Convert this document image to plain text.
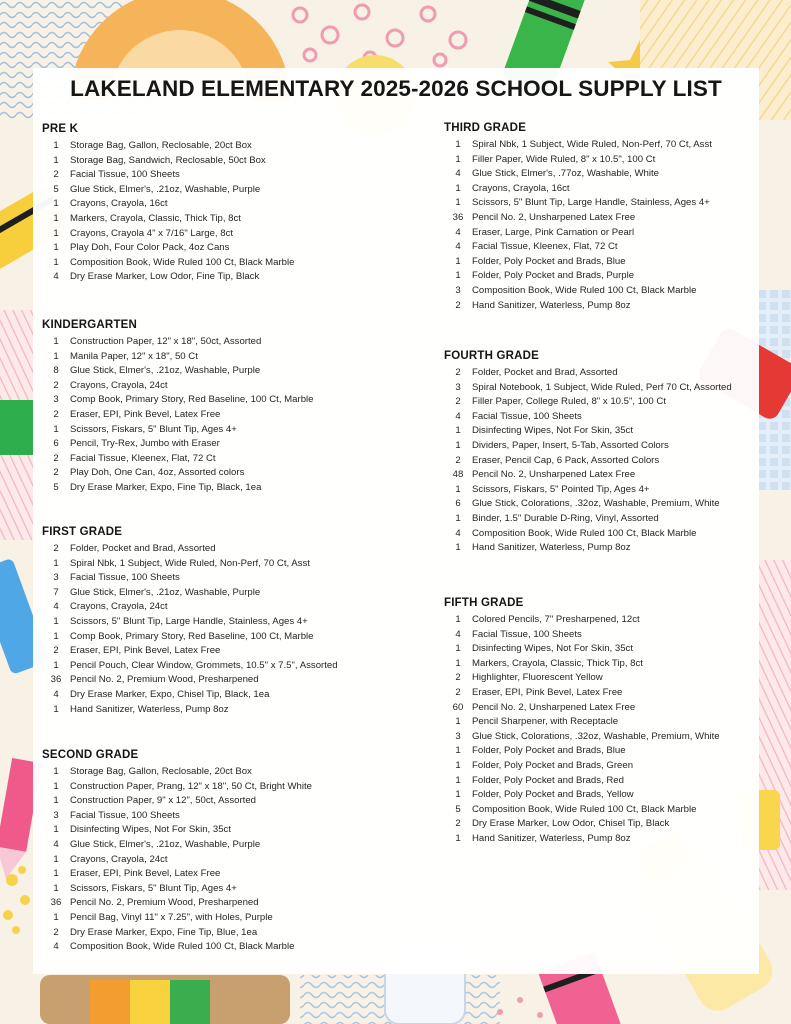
LAKELAND ELEMENTARY 2025-2026 SCHOOL SUPPLY LIST
PRE K
1	Storage Bag, Gallon, Reclosable, 20ct Box
1	Storage Bag, Sandwich, Reclosable, 50ct Box
2	Facial Tissue, 100 Sheets
5	Glue Stick, Elmer's, .21oz, Washable, Purple
1	Crayons, Crayola, 16ct
1	Markers, Crayola, Classic, Thick Tip, 8ct
1	Crayons, Crayola 4" x 7/16" Large, 8ct
1	Play Doh, Four Color Pack, 4oz Cans
1	Composition Book, Wide Ruled 100 Ct, Black Marble
4	Dry Erase Marker, Low Odor, Fine Tip, Black
KINDERGARTEN
1	Construction Paper, 12" x 18", 50ct, Assorted
1	Manila Paper, 12" x 18", 50 Ct
8	Glue Stick, Elmer's, .21oz, Washable, Purple
2	Crayons, Crayola, 24ct
3	Comp Book, Primary Story, Red Baseline, 100 Ct, Marble
2	Eraser, EPI, Pink Bevel, Latex Free
1	Scissors, Fiskars, 5" Blunt Tip, Ages 4+
6	Pencil, Try-Rex, Jumbo with Eraser
2	Facial Tissue, Kleenex, Flat, 72 Ct
2	Play Doh, One Can, 4oz, Assorted colors
5	Dry Erase Marker, Expo, Fine Tip, Black, 1ea
FIRST GRADE
2	Folder, Pocket and Brad, Assorted
1	Spiral Nbk, 1 Subject, Wide Ruled, Non-Perf, 70 Ct, Asst
3	Facial Tissue, 100 Sheets
7	Glue Stick, Elmer's, .21oz, Washable, Purple
4	Crayons, Crayola, 24ct
1	Scissors, 5" Blunt Tip, Large Handle, Stainless, Ages 4+
1	Comp Book, Primary Story, Red Baseline, 100 Ct, Marble
2	Eraser, EPI, Pink Bevel, Latex Free
1	Pencil Pouch, Clear Window, Grommets, 10.5" x 7.5", Assorted
36 Pencil No. 2, Premium Wood, Presharpened
4	Dry Erase Marker, Expo, Chisel Tip, Black, 1ea
1	Hand Sanitizer, Waterless, Pump 8oz
SECOND GRADE
1	Storage Bag, Gallon, Reclosable, 20ct Box
1	Construction Paper, Prang, 12" x 18", 50 Ct, Bright White
1	Construction Paper, 9" x 12", 50ct, Assorted
3	Facial Tissue, 100 Sheets
1	Disinfecting Wipes, Not For Skin, 35ct
4	Glue Stick, Elmer's, .21oz, Washable, Purple
1	Crayons, Crayola, 24ct
1	Eraser, EPI, Pink Bevel, Latex Free
1	Scissors, Fiskars, 5" Blunt Tip, Ages 4+
36 Pencil No. 2, Premium Wood, Presharpened
1	Pencil Bag, Vinyl 11" x 7.25", with Holes, Purple
2	Dry Erase Marker, Expo, Fine Tip, Blue, 1ea
4	Composition Book, Wide Ruled 100 Ct, Black Marble
THIRD GRADE
1	Spiral Nbk, 1 Subject, Wide Ruled, Non-Perf, 70 Ct, Asst
1	Filler Paper, Wide Ruled, 8" x 10.5", 100 Ct
4	Glue Stick, Elmer's, .77oz, Washable, White
1	Crayons, Crayola, 16ct
1	Scissors, 5" Blunt Tip, Large Handle, Stainless, Ages 4+
36 Pencil No. 2, Unsharpened Latex Free
4	Eraser, Large, Pink Carnation or Pearl
4	Facial Tissue, Kleenex, Flat, 72 Ct
1	Folder, Poly Pocket and Brads, Blue
1	Folder, Poly Pocket and Brads, Purple
3	Composition Book, Wide Ruled 100 Ct, Black Marble
2	Hand Sanitizer, Waterless, Pump 8oz
FOURTH GRADE
2	Folder, Pocket and Brad, Assorted
3	Spiral Notebook, 1 Subject, Wide Ruled, Perf 70 Ct, Assorted
2	Filler Paper, College Ruled, 8" x 10.5", 100 Ct
4	Facial Tissue, 100 Sheets
1	Disinfecting Wipes, Not For Skin, 35ct
1	Dividers, Paper, Insert, 5-Tab, Assorted Colors
2	Eraser, Pencil Cap, 6 Pack, Assorted Colors
48 Pencil No. 2, Unsharpened Latex Free
1	Scissors, Fiskars, 5" Pointed Tip, Ages 4+
6	Glue Stick, Colorations, .32oz, Washable, Premium, White
1	Binder, 1.5" Durable D-Ring, Vinyl, Assorted
4	Composition Book, Wide Ruled 100 Ct, Black Marble
1	Hand Sanitizer, Waterless, Pump 8oz
FIFTH GRADE
1	Colored Pencils, 7" Presharpened, 12ct
4	Facial Tissue, 100 Sheets
1	Disinfecting Wipes, Not For Skin, 35ct
1	Markers, Crayola, Classic, Thick Tip, 8ct
2	Highlighter, Fluorescent Yellow
2	Eraser, EPI, Pink Bevel, Latex Free
60 Pencil No. 2, Unsharpened Latex Free
1	Pencil Sharpener, with Receptacle
3	Glue Stick, Colorations, .32oz, Washable, Premium, White
1	Folder, Poly Pocket and Brads, Blue
1	Folder, Poly Pocket and Brads, Green
1	Folder, Poly Pocket and Brads, Red
1	Folder, Poly Pocket and Brads, Yellow
5	Composition Book, Wide Ruled 100 Ct, Black Marble
2	Dry Erase Marker, Low Odor, Chisel Tip, Black
1	Hand Sanitizer, Waterless, Pump 8oz
